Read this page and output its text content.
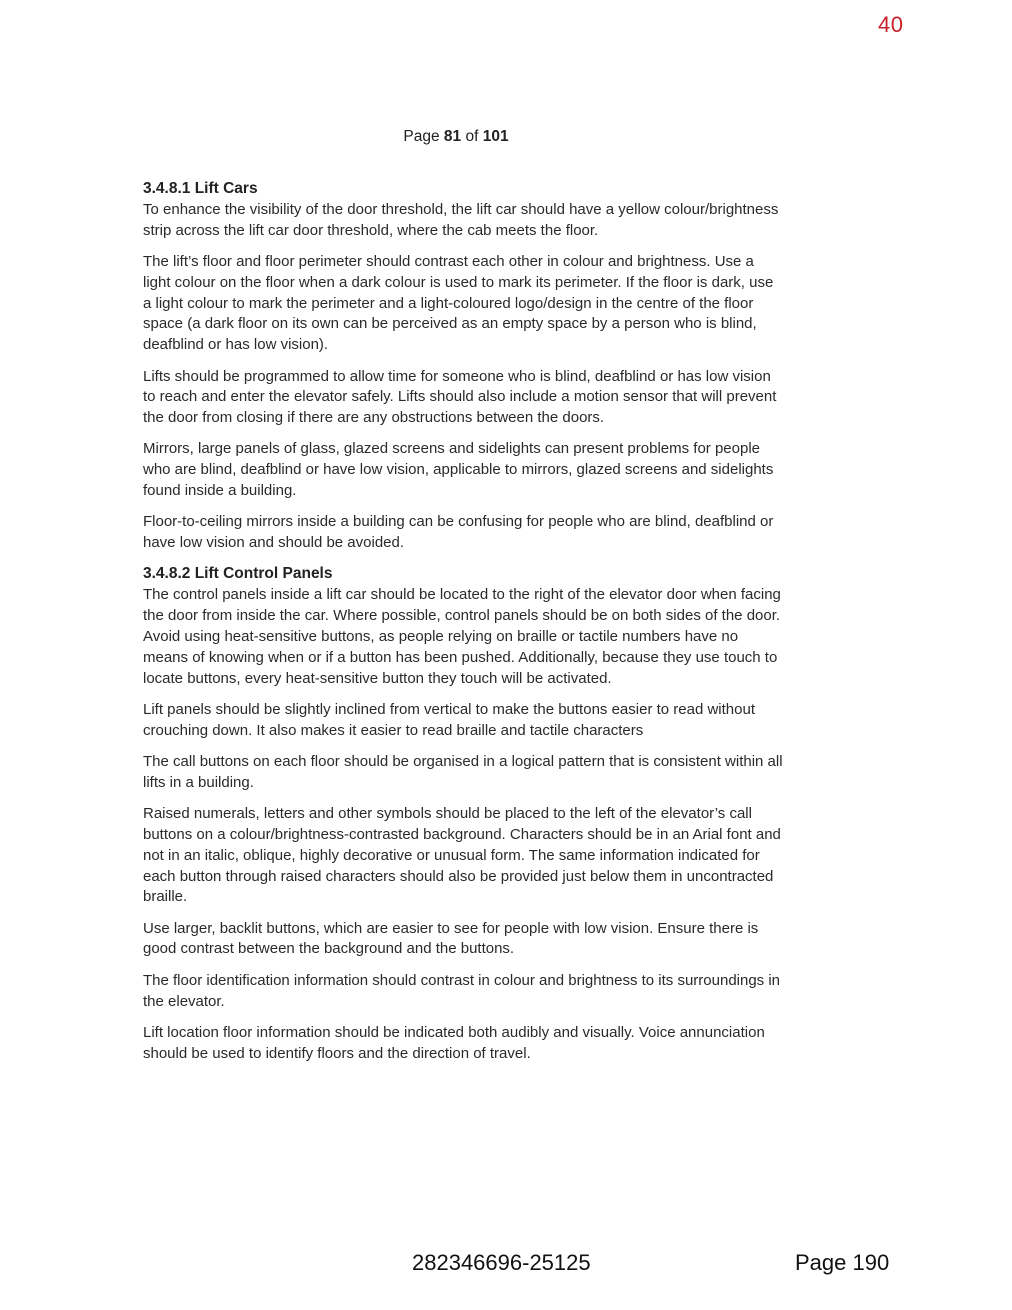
40
Page 81 of 101
3.4.8.1 Lift Cars

To enhance the visibility of the door threshold, the lift car should have a yellow colour/brightness strip across the lift car door threshold, where the cab meets the floor.

The lift’s floor and floor perimeter should contrast each other in colour and brightness. Use a light colour on the floor when a dark colour is used to mark its perimeter. If the floor is dark, use a light colour to mark the perimeter and a light-coloured logo/design in the centre of the floor space (a dark floor on its own can be perceived as an empty space by a person who is blind, deafblind or has low vision).

Lifts should be programmed to allow time for someone who is blind, deafblind or has low vision to reach and enter the elevator safely. Lifts should also include a motion sensor that will prevent the door from closing if there are any obstructions between the doors.

Mirrors, large panels of glass, glazed screens and sidelights can present problems for people who are blind, deafblind or have low vision, applicable to mirrors, glazed screens and sidelights found inside a building.

Floor-to-ceiling mirrors inside a building can be confusing for people who are blind, deafblind or have low vision and should be avoided.

3.4.8.2 Lift Control Panels

The control panels inside a lift car should be located to the right of the elevator door when facing the door from inside the car. Where possible, control panels should be on both sides of the door. Avoid using heat-sensitive buttons, as people relying on braille or tactile numbers have no means of knowing when or if a button has been pushed. Additionally, because they use touch to locate buttons, every heat-sensitive button they touch will be activated.

Lift panels should be slightly inclined from vertical to make the buttons easier to read without crouching down. It also makes it easier to read braille and tactile characters

The call buttons on each floor should be organised in a logical pattern that is consistent within all lifts in a building.

Raised numerals, letters and other symbols should be placed to the left of the elevator’s call buttons on a colour/brightness-contrasted background. Characters should be in an Arial font and not in an italic, oblique, highly decorative or unusual form. The same information indicated for each button through raised characters should also be provided just below them in uncontracted braille.

Use larger, backlit buttons, which are easier to see for people with low vision. Ensure there is good contrast between the background and the buttons.

The floor identification information should contrast in colour and brightness to its surroundings in the elevator.

Lift location floor information should be indicated both audibly and visually. Voice annunciation should be used to identify floors and the direction of travel.

282346696-25125	Page 190
